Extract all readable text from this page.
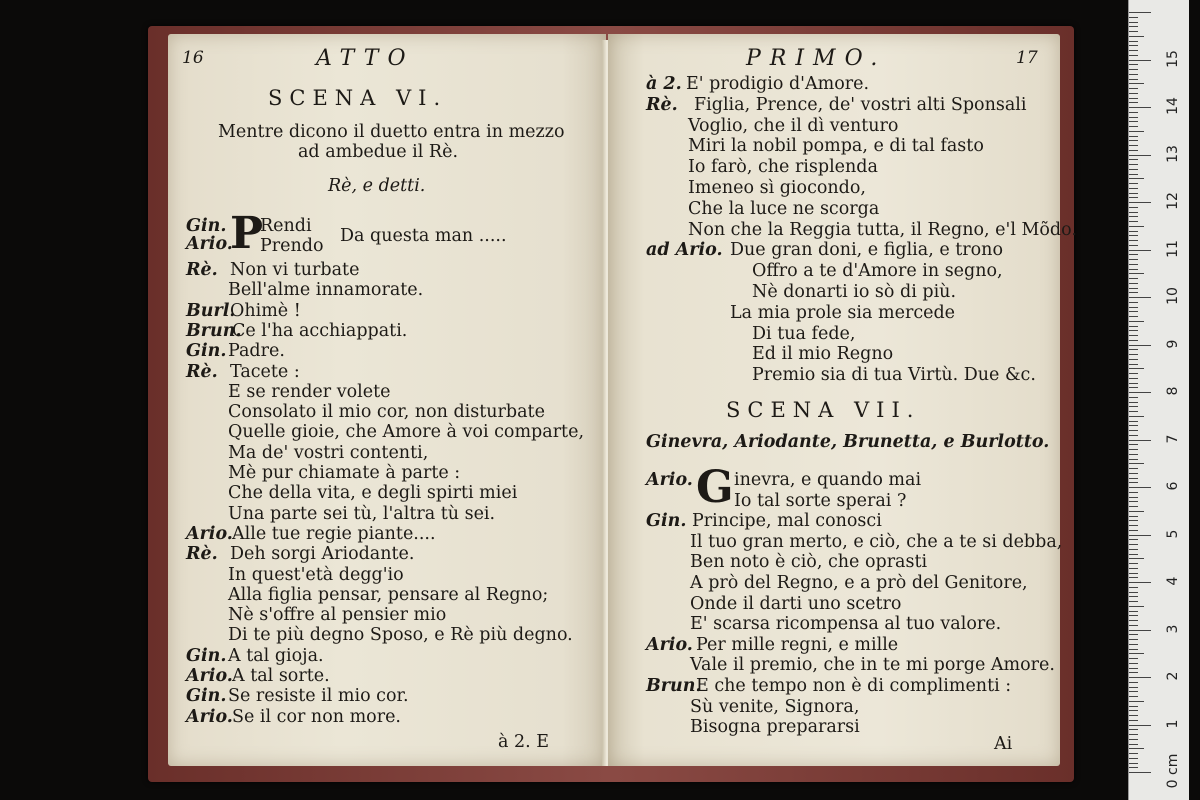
16	ATTO
SCENA VI.
Mentre dicono il duetto entra in mezzo
ad ambedue il Rè.
Rè, e detti.
Gin.
Ario.
P
Rendi
Prendo Da questa man .....
Rè. Non vi turbate
Bell'alme innamorate.
Burl.
Ohimè !
Brun.
Ce l'ha acchiappati.
Gin. Padre.
Rè. Tacete :
E se render volete
Consolato il mio cor, non disturbate
Quelle gioie, che Amore à voi comparte,
Ma de' vostri contenti,
Mè pur chiamate à parte :
Che della vita, e degli spirti miei
Una parte sei tù, l'altra tù sei.
Ario. Alle tue regie piante....
Rè. Deh sorgi Ariodante.
In quest'età degg'io
Alla figlia pensar, pensare al Regno;
Nè s'offre al pensier mio
Di te più degno Sposo, e Rè più degno.
Gin. A tal gioja.
Ario. A tal sorte.
Gin. Se resiste il mio cor.
Ario. Se il cor non more.
à 2. E
PRIMO.	17
à 2. E' prodigio d'Amore.
Rè. Figlia, Prence, de' vostri alti Sponsali
Voglio, che il dì venturo
Miri la nobil pompa, e di tal fasto
Io farò, che risplenda
Imeneo sì giocondo,
Che la luce ne scorga
Non che la Reggia tutta, il Regno, e'l Mõdo.
ad Ario. Due gran doni, e figlia, e trono
Offro a te d'Amore in segno,
Nè donarti io sò di più.
La mia prole sia mercede
Di tua fede,
Ed il mio Regno
Premio sia di tua Virtù. Due &c.
SCENA VII.
Ginevra, Ariodante, Brunetta, e Burlotto.
G
Ario. inevra, e quando mai
Io tal sorte sperai ?
Gin. Principe, mal conosci
Il tuo gran merto, e ciò, che a te si debba,
Ben noto è ciò, che oprasti
A prò del Regno, e a prò del Genitore,
Onde il darti uno scetro
E' scarsa ricompensa al tuo valore.
Ario. Per mille regni, e mille
Vale il premio, che in te mi porge Amore.
Brun.
E che tempo non è di complimenti :
Sù venite, Signora,
Bisogna prepararsi
Ai
0 cm
1
2
3
4
5
6
7
8
9
10
11
12
13
14
15
